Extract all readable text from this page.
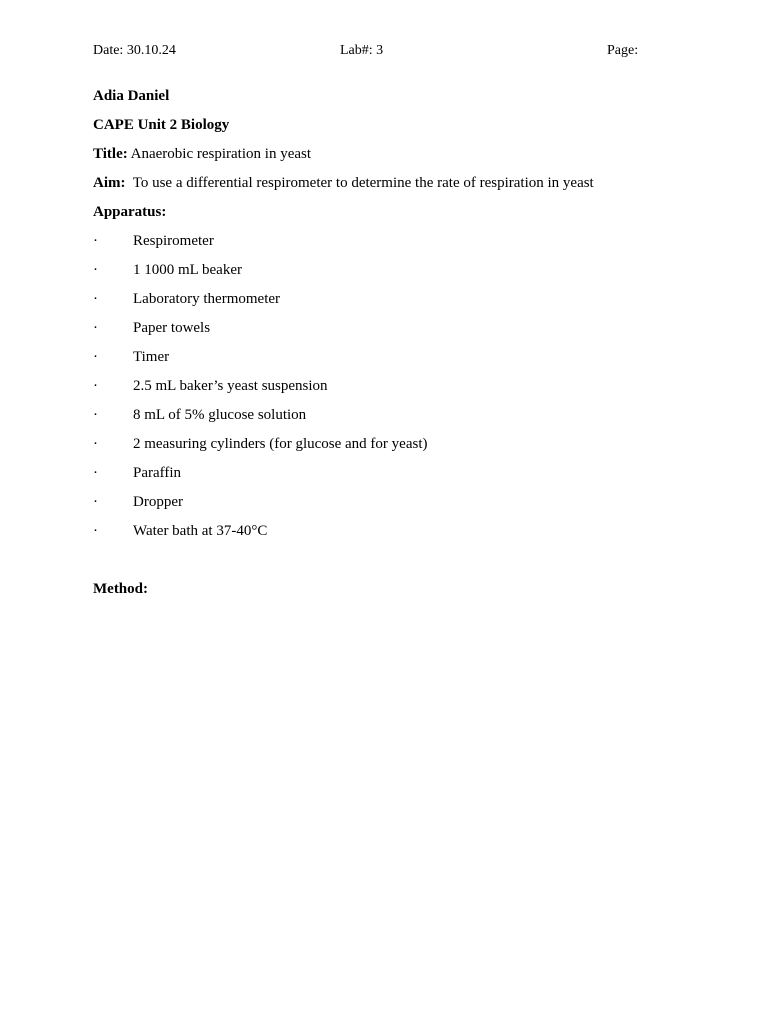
Date: 30.10.24	Lab#: 3	Page:
Adia Daniel
CAPE Unit 2 Biology
Title: Anaerobic respiration in yeast
Aim: To use a differential respirometer to determine the rate of respiration in yeast
Apparatus:
·	Respirometer
·	1 1000 mL beaker
·	Laboratory thermometer
·	Paper towels
·	Timer
·	2.5 mL baker’s yeast suspension
·	8 mL of 5% glucose solution
·	2 measuring cylinders (for glucose and for yeast)
·	Paraffin
·	Dropper
·	Water bath at 37-40°C
Method:
